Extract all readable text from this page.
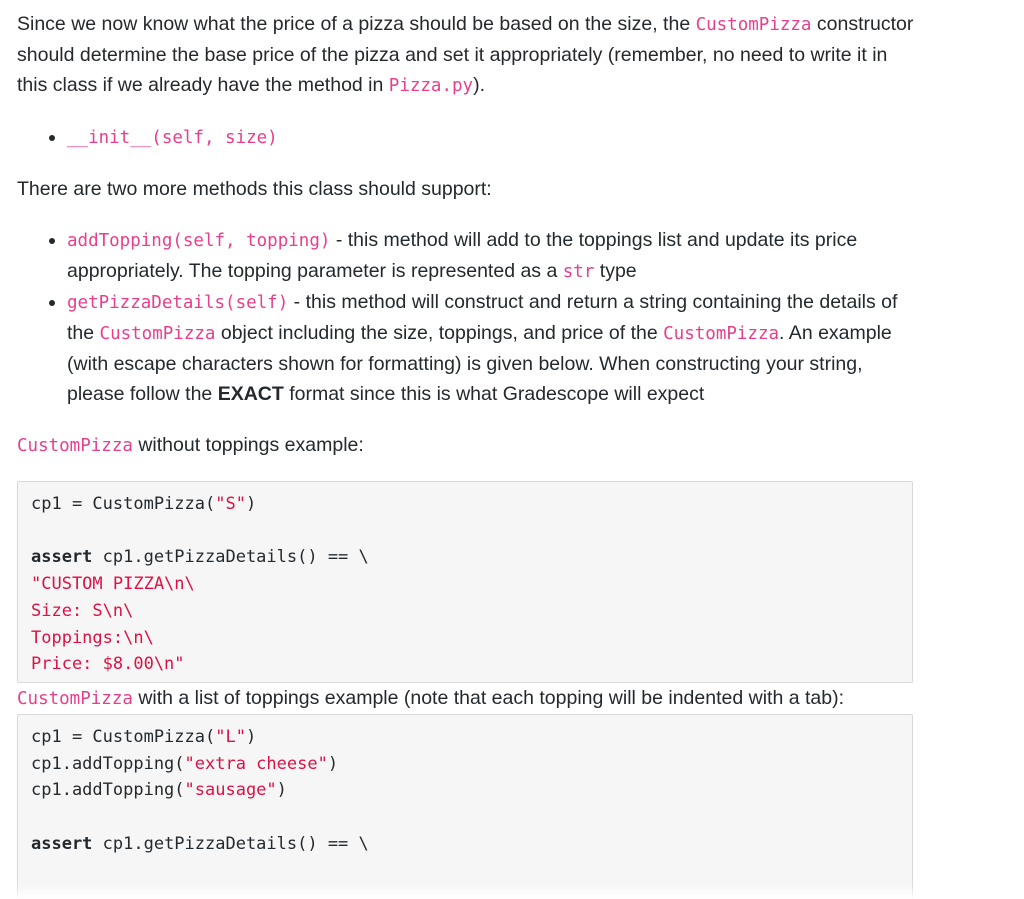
Since we now know what the price of a pizza should be based on the size, the CustomPizza constructor should determine the base price of the pizza and set it appropriately (remember, no need to write it in this class if we already have the method in Pizza.py).

• __init__(self, size)

There are two more methods this class should support:

• addTopping(self, topping) - this method will add to the toppings list and update its price appropriately. The topping parameter is represented as a str type
• getPizzaDetails(self) - this method will construct and return a string containing the details of the CustomPizza object including the size, toppings, and price of the CustomPizza. An example (with escape characters shown for formatting) is given below. When constructing your string, please follow the EXACT format since this is what Gradescope will expect

CustomPizza without toppings example:

cp1 = CustomPizza("S")

assert cp1.getPizzaDetails() == \
"CUSTOM PIZZA\n\
Size: S\n\
Toppings:\n\
Price: $8.00\n"

CustomPizza with a list of toppings example (note that each topping will be indented with a tab):

cp1 = CustomPizza("L")
cp1.addTopping("extra cheese")
cp1.addTopping("sausage")

assert cp1.getPizzaDetails() == \
